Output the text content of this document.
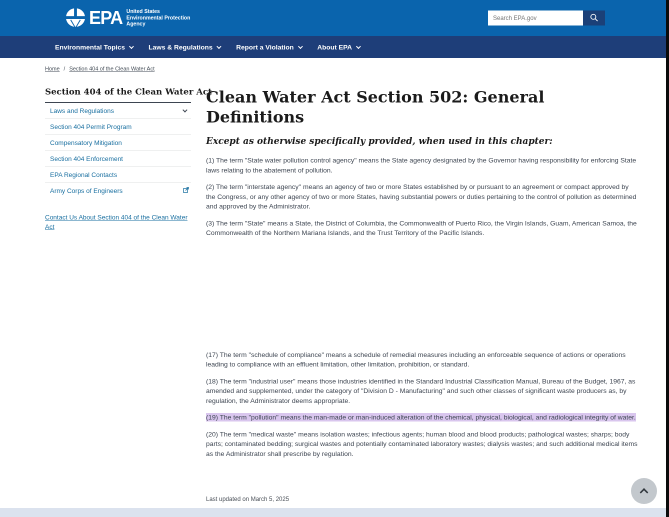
EPA United States
Environmental Protection
Agency
Search EPA.gov
Environmental Topics Laws & Regulations Report a Violation About EPA
Home / Section 404 of the Clean Water Act
Section 404 of the Clean Water Act
Laws and Regulations
Section 404 Permit Program
Compensatory Mitigation
Section 404 Enforcement
EPA Regional Contacts
Army Corps of Engineers
Contact Us About Section 404 of the Clean Water Act
Clean Water Act Section 502: General Definitions

Except as otherwise specifically provided, when used in this chapter:

(1) The term "State water pollution control agency" means the State agency designated by the Governor having responsibility for enforcing State laws relating to the abatement of pollution.

(2) The term "interstate agency" means an agency of two or more States established by or pursuant to an agreement or compact approved by the Congress, or any other agency of two or more States, having substantial powers or duties pertaining to the control of pollution as determined and approved by the Administrator.

(3) The term "State" means a State, the District of Columbia, the Commonwealth of Puerto Rico, the Virgin Islands, Guam, American Samoa, the Commonwealth of the Northern Mariana Islands, and the Trust Territory of the Pacific Islands.

(17) The term "schedule of compliance" means a schedule of remedial measures including an enforceable sequence of actions or operations leading to compliance with an effluent limitation, other limitation, prohibition, or standard.

(18) The term "industrial user" means those industries identified in the Standard Industrial Classification Manual, Bureau of the Budget, 1967, as amended and supplemented, under the category of "Division D - Manufacturing" and such other classes of significant waste producers as, by regulation, the Administrator deems appropriate.

(19) The term "pollution" means the man-made or man-induced alteration of the chemical, physical, biological, and radiological integrity of water.

(20) The term "medical waste" means isolation wastes; infectious agents; human blood and blood products; pathological wastes; sharps; body parts; contaminated bedding; surgical wastes and potentially contaminated laboratory wastes; dialysis wastes; and such additional medical items as the Administrator shall prescribe by regulation.

Last updated on March 5, 2025
